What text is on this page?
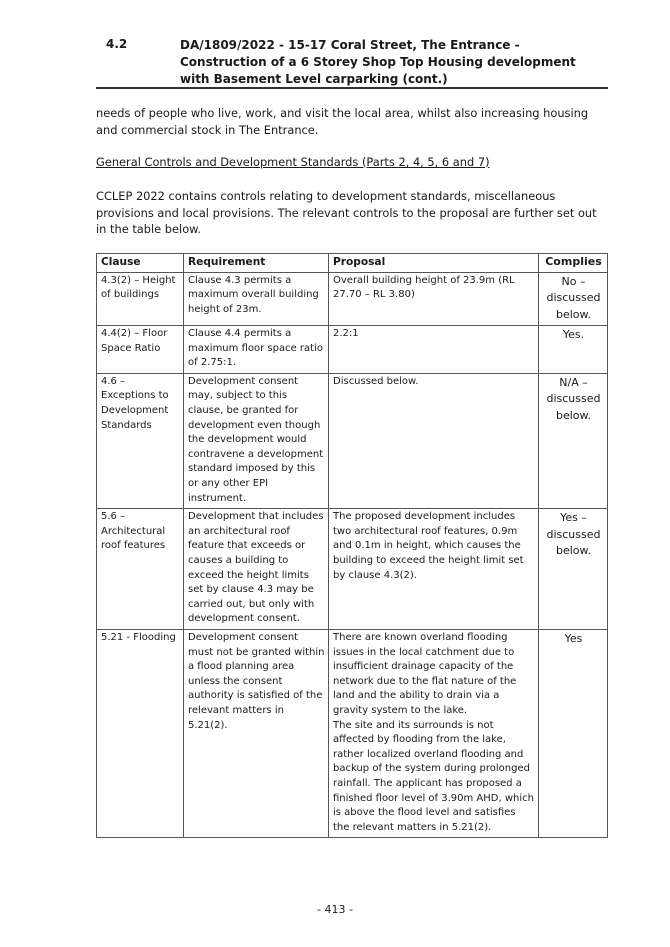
4.2	DA/1809/2022 - 15-17 Coral Street, The Entrance - Construction of a 6 Storey Shop Top Housing development with Basement Level carparking (cont.)
needs of people who live, work, and visit the local area, whilst also increasing housing and commercial stock in The Entrance.
General Controls and Development Standards (Parts 2, 4, 5, 6 and 7)
CCLEP 2022 contains controls relating to development standards, miscellaneous provisions and local provisions. The relevant controls to the proposal are further set out in the table below.
Clause	Requirement	Proposal	Complies
4.3(2) – Height of buildings	Clause 4.3 permits a maximum overall building height of 23m.	Overall building height of 23.9m (RL 27.70 – RL 3.80)	No – discussed below.
4.4(2) – Floor Space Ratio	Clause 4.4 permits a maximum floor space ratio of 2.75:1.	2.2:1	Yes.
4.6 – Exceptions to Development Standards	Development consent may, subject to this clause, be granted for development even though the development would contravene a development standard imposed by this or any other EPI instrument.	Discussed below.	N/A – discussed below.
5.6 – Architectural roof features	Development that includes an architectural roof feature that exceeds or causes a building to exceed the height limits set by clause 4.3 may be carried out, but only with development consent.	The proposed development includes two architectural roof features, 0.9m and 0.1m in height, which causes the building to exceed the height limit set by clause 4.3(2).	Yes – discussed below.
5.21 - Flooding	Development consent must not be granted within a flood planning area unless the consent authority is satisfied of the relevant matters in 5.21(2).	There are known overland flooding issues in the local catchment due to insufficient drainage capacity of the network due to the flat nature of the land and the ability to drain via a gravity system to the lake.
The site and its surrounds is not affected by flooding from the lake, rather localized overland flooding and backup of the system during prolonged rainfall. The applicant has proposed a finished floor level of 3.90m AHD, which is above the flood level and satisfies the relevant matters in 5.21(2).	Yes
- 413 -
